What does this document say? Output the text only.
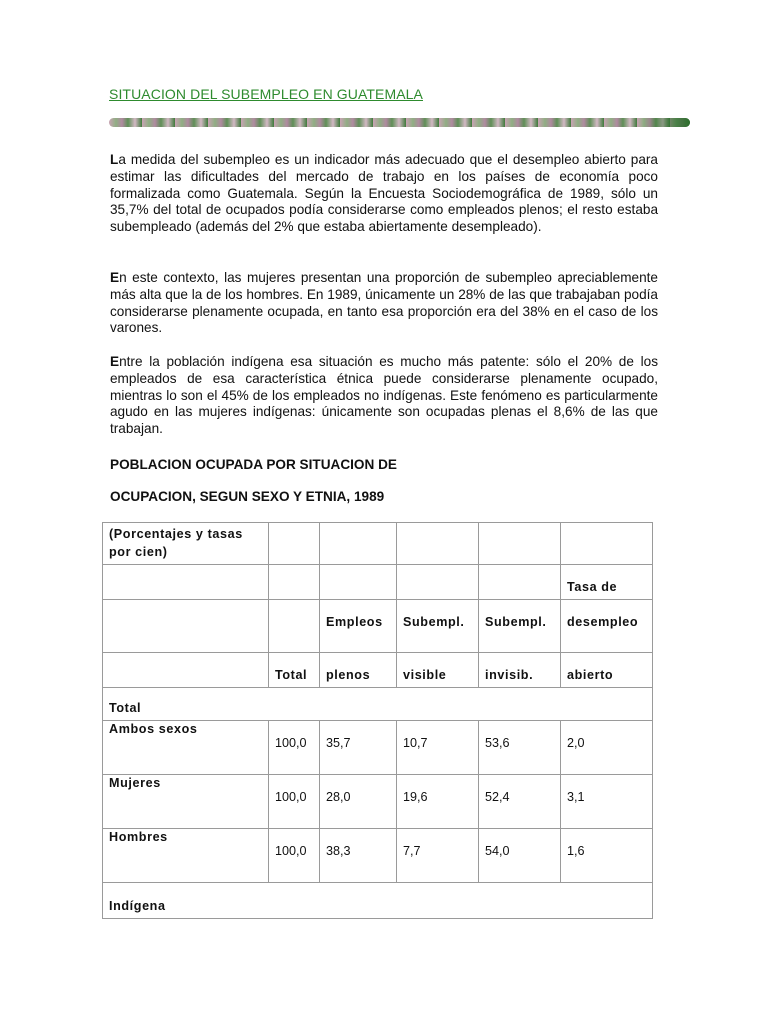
SITUACION DEL SUBEMPLEO EN GUATEMALA

La medida del subempleo es un indicador más adecuado que el desempleo abierto para estimar las dificultades del mercado de trabajo en los países de economía poco formalizada como Guatemala. Según la Encuesta Sociodemográfica de 1989, sólo un 35,7% del total de ocupados podía considerarse como empleados plenos; el resto estaba subempleado (además del 2% que estaba abiertamente desempleado).

En este contexto, las mujeres presentan una proporción de subempleo apreciablemente más alta que la de los hombres. En 1989, únicamente un 28% de las que trabajaban podía considerarse plenamente ocupada, en tanto esa proporción era del 38% en el caso de los varones.

Entre la población indígena esa situación es mucho más patente: sólo el 20% de los empleados de esa característica étnica puede considerarse plenamente ocupado, mientras lo son el 45% de los empleados no indígenas. Este fenómeno es particularmente agudo en las mujeres indígenas: únicamente son ocupadas plenas el 8,6% de las que trabajan.

POBLACION OCUPADA POR SITUACION DE

OCUPACION, SEGUN SEXO Y ETNIA, 1989

(Porcentajes y tasas por cien)					
					Tasa de
		Empleos	Subempl.	Subempl.	desempleo
	Total	plenos	visible	invisib.	abierto
Total					
Ambos sexos	100,0	35,7	10,7	53,6	2,0
Mujeres	100,0	28,0	19,6	52,4	3,1
Hombres	100,0	38,3	7,7	54,0	1,6
Indígena					
